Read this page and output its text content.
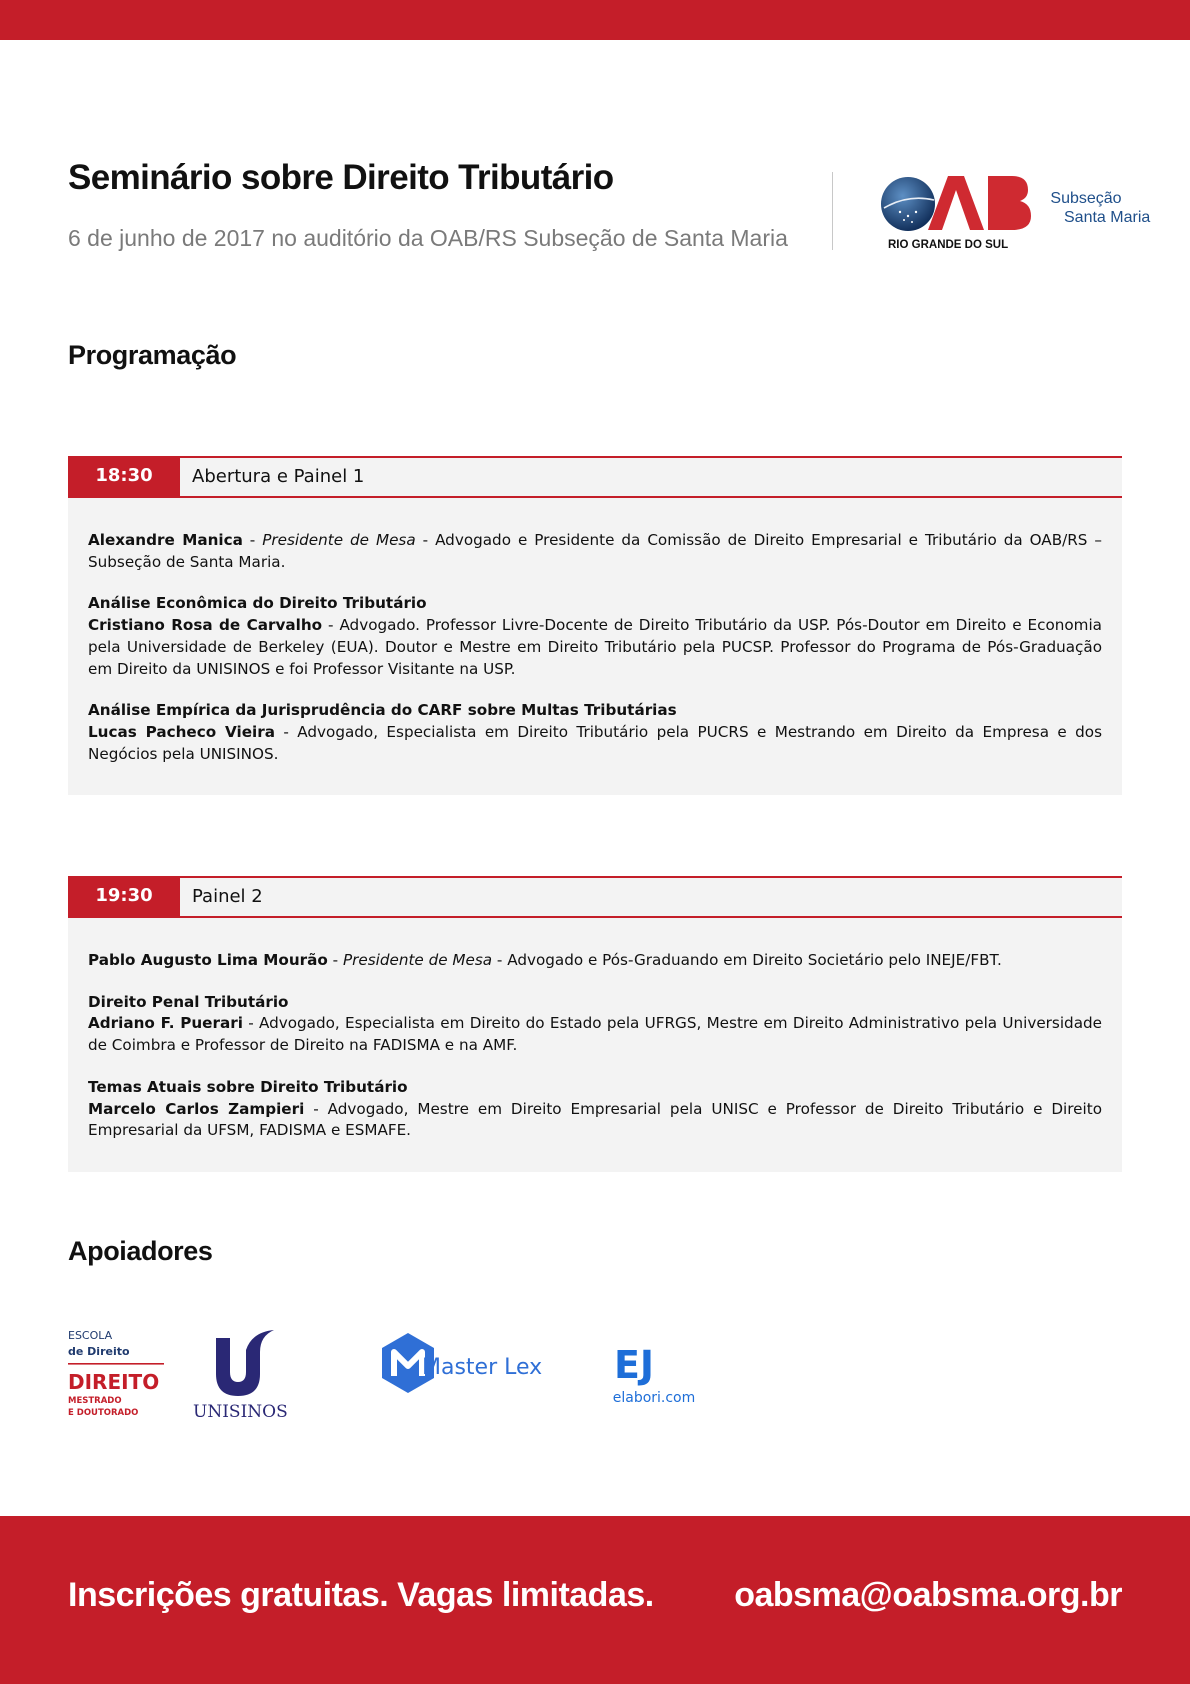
Seminário sobre Direito Tributário
6 de junho de 2017 no auditório da OAB/RS Subseção de Santa Maria	RIO GRANDE DO SUL
Subseção
Santa Maria
Programação
18:30	Abertura e Painel 1

Alexandre Manica - Presidente de Mesa - Advogado e Presidente da Comissão de Direito Empresarial e Tributário da OAB/RS – Subseção de Santa Maria.

Análise Econômica do Direito Tributário
Cristiano Rosa de Carvalho - Advogado. Professor Livre-Docente de Direito Tributário da USP. Pós-Doutor em Direito e Economia pela Universidade de Berkeley (EUA). Doutor e Mestre em Direito Tributário pela PUCSP. Professor do Programa de Pós-Graduação em Direito da UNISINOS e foi Professor Visitante na USP.

Análise Empírica da Jurisprudência do CARF sobre Multas Tributárias
Lucas Pacheco Vieira - Advogado, Especialista em Direito Tributário pela PUCRS e Mestrando em Direito da Empresa e dos Negócios pela UNISINOS.

19:30	Painel 2

Pablo Augusto Lima Mourão - Presidente de Mesa - Advogado e Pós-Graduando em Direito Societário pelo INEJE/FBT.

Direito Penal Tributário
Adriano F. Puerari - Advogado, Especialista em Direito do Estado pela UFRGS, Mestre em Direito Administrativo pela Universidade de Coimbra e Professor de Direito na FADISMA e na AMF.

Temas Atuais sobre Direito Tributário
Marcelo Carlos Zampieri - Advogado, Mestre em Direito Empresarial pela UNISC e Professor de Direito Tributário e Direito Empresarial da UFSM, FADISMA e ESMAFE.

Apoiadores
ESCOLA
de Direito
DIREITO
MESTRADO
E DOUTORADO	UNISINOS
Master Lex EJ
elabori.com
Inscrições gratuitas. Vagas limitadas. oabsma@oabsma.org.br
